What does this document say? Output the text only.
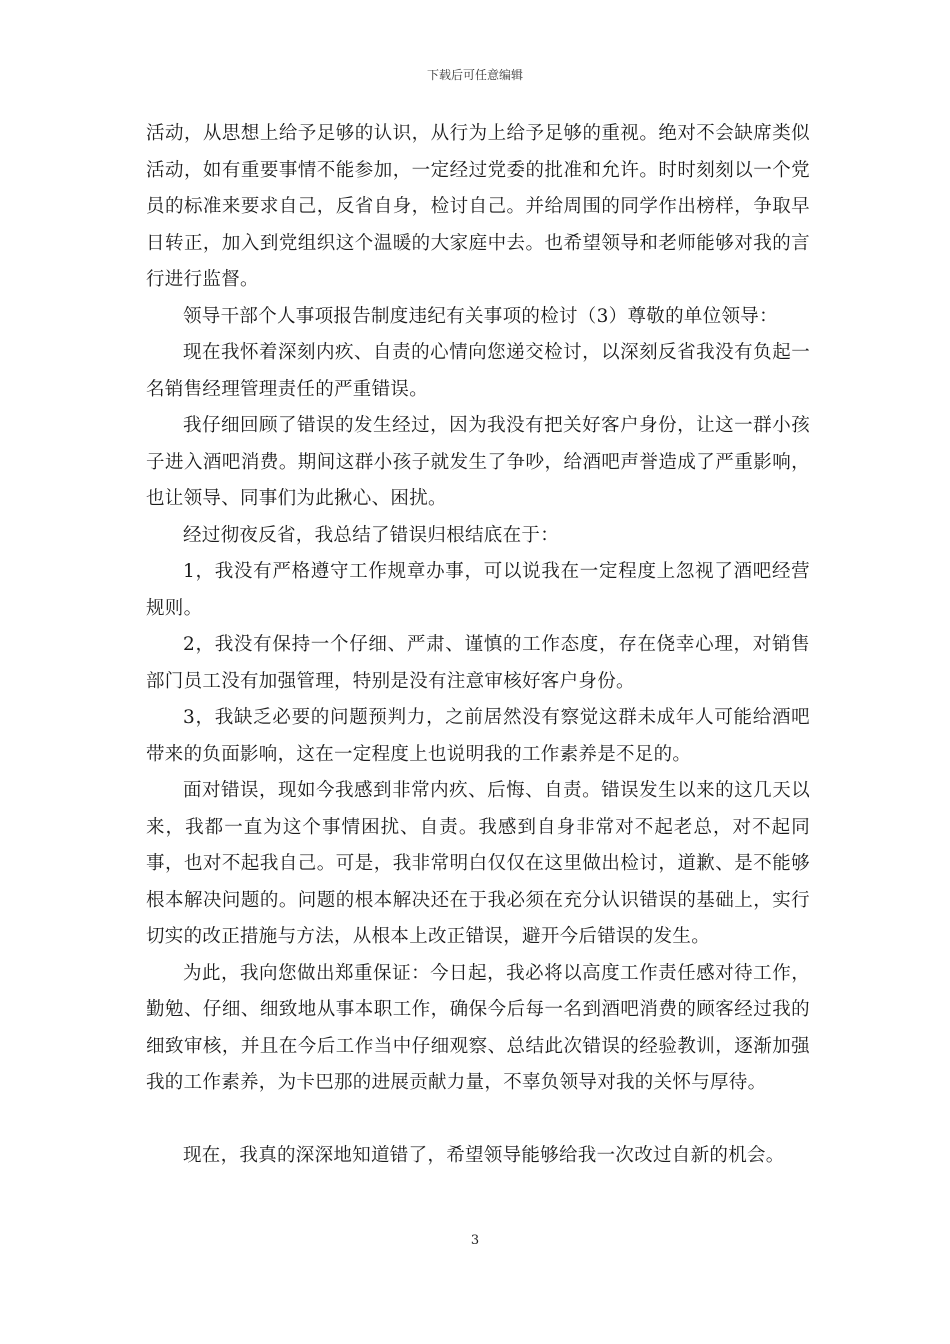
下载后可任意编辑

活动，从思想上给予足够的认识，从行为上给予足够的重视。绝对不会缺席类似活动，如有重要事情不能参加，一定经过党委的批准和允许。时时刻刻以一个党员的标准来要求自己，反省自身，检讨自己。并给周围的同学作出榜样，争取早日转正，加入到党组织这个温暖的大家庭中去。也希望领导和老师能够对我的言行进行监督。

领导干部个人事项报告制度违纪有关事项的检讨（3）尊敬的单位领导：

现在我怀着深刻内疚、自责的心情向您递交检讨，以深刻反省我没有负起一名销售经理管理责任的严重错误。

我仔细回顾了错误的发生经过，因为我没有把关好客户身份，让这一群小孩子进入酒吧消费。期间这群小孩子就发生了争吵，给酒吧声誉造成了严重影响，也让领导、同事们为此揪心、困扰。

经过彻夜反省，我总结了错误归根结底在于：

1，我没有严格遵守工作规章办事，可以说我在一定程度上忽视了酒吧经营规则。

2，我没有保持一个仔细、严肃、谨慎的工作态度，存在侥幸心理，对销售部门员工没有加强管理，特别是没有注意审核好客户身份。

3，我缺乏必要的问题预判力，之前居然没有察觉这群未成年人可能给酒吧带来的负面影响，这在一定程度上也说明我的工作素养是不足的。

面对错误，现如今我感到非常内疚、后悔、自责。错误发生以来的这几天以来，我都一直为这个事情困扰、自责。我感到自身非常对不起老总，对不起同事，也对不起我自己。可是，我非常明白仅仅在这里做出检讨，道歉、是不能够根本解决问题的。问题的根本解决还在于我必须在充分认识错误的基础上，实行切实的改正措施与方法，从根本上改正错误，避开今后错误的发生。

为此，我向您做出郑重保证：今日起，我必将以高度工作责任感对待工作，勤勉、仔细、细致地从事本职工作，确保今后每一名到酒吧消费的顾客经过我的细致审核，并且在今后工作当中仔细观察、总结此次错误的经验教训，逐渐加强我的工作素养，为卡巴那的进展贡献力量，不辜负领导对我的关怀与厚待。

现在，我真的深深地知道错了，希望领导能够给我一次改过自新的机会。

3
